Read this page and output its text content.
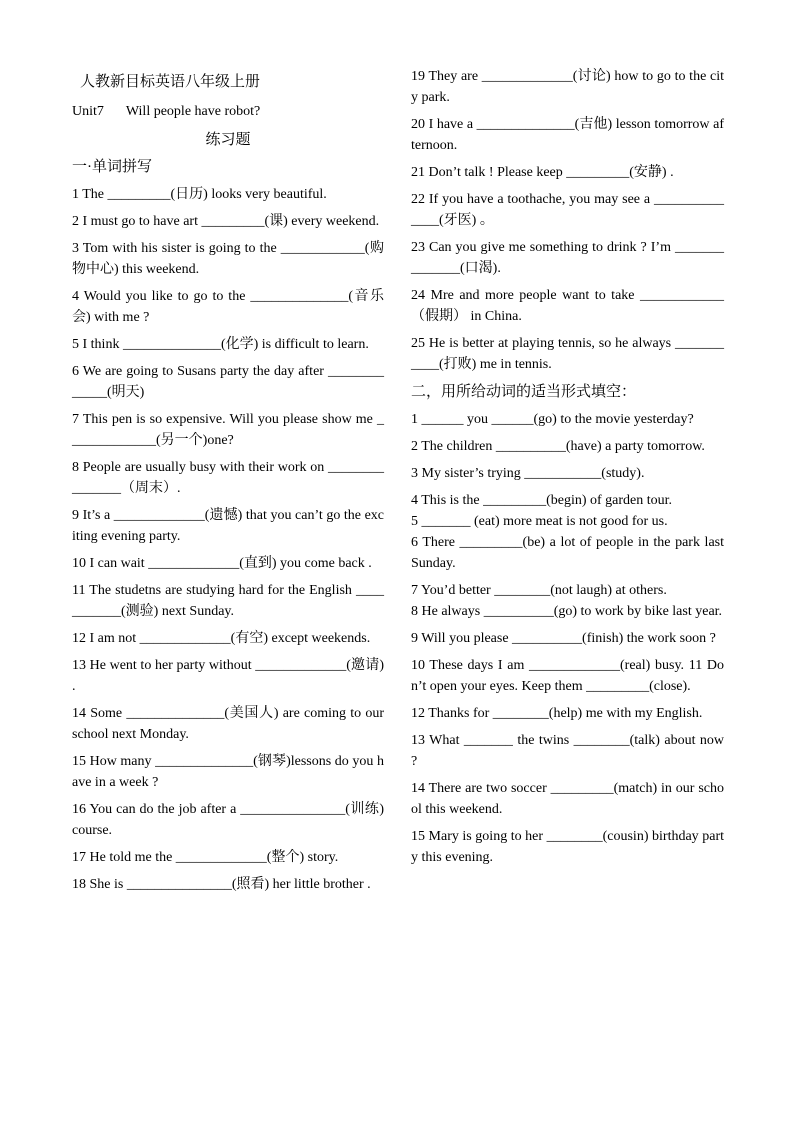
人教新目标英语八年级上册
Unit7 Will people have robot?
练习题
一·单词拼写
1 The _________(日历) looks very beautiful.
2 I must go to have art _________(课) every weekend.
3 Tom with his sister is going to the ____________(购物中心) this weekend.
4 Would you like to go to the ______________(音乐会) with me ?
5 I think ______________(化学) is difficult to learn.
6 We are going to Susans party the day after _____________(明天)
7 This pen is so expensive. Will you please show me _____________(另一个)one?
8 People are usually busy with their work on _______________（周末）.
9 It’s a _____________(遗憾) that you can’t go the exciting evening party.
10 I can wait _____________(直到) you come back .
11 The studetns are studying hard for the English ___________(测验) next Sunday.
12 I am not _____________(有空) except weekends.
13 He went to her party without _____________(邀请) .
14 Some ______________(美国人) are coming to our school next Monday.
15 How many ______________(钢琴)lessons do you have in a week ?
16 You can do the job after a _______________(训练) course.
17 He told me the _____________(整个) story.
18 She is _______________(照看) her little brother .
19 They are _____________(讨论) how to go to the city park.
20 I have a ______________(吉他) lesson tomorrow afternoon.
21 Don’t talk ! Please keep _________(安静) .
22 If you have a toothache, you may see a ______________(牙医) 。
23 Can you give me something to drink ? I’m ______________(口渴).
24 Mre and more people want to take ____________（假期） in China.
25 He is better at playing tennis, so he always ___________(打败) me in tennis.
二，用所给动词的适当形式填空：
1 ______ you ______(go) to the movie yesterday?
2 The children __________(have) a party tomorrow.
3 My sister’s trying ___________(study).
4 This is the _________(begin) of garden tour.
5 _______ (eat) more meat is not good for us.
6 There _________(be) a lot of people in the park last Sunday.
7 You’d better ________(not laugh) at others.
8 He always __________(go) to work by bike last year.
9 Will you please __________(finish) the work soon ?
10 These days I am _____________(real) busy. 11 Don’t open your eyes. Keep them _________(close).
12 Thanks for ________(help) me with my English.
13 What _______ the twins ________(talk) about now ?
14 There are two soccer _________(match) in our school this weekend.
15 Mary is going to her ________(cousin) birthday party this evening.
